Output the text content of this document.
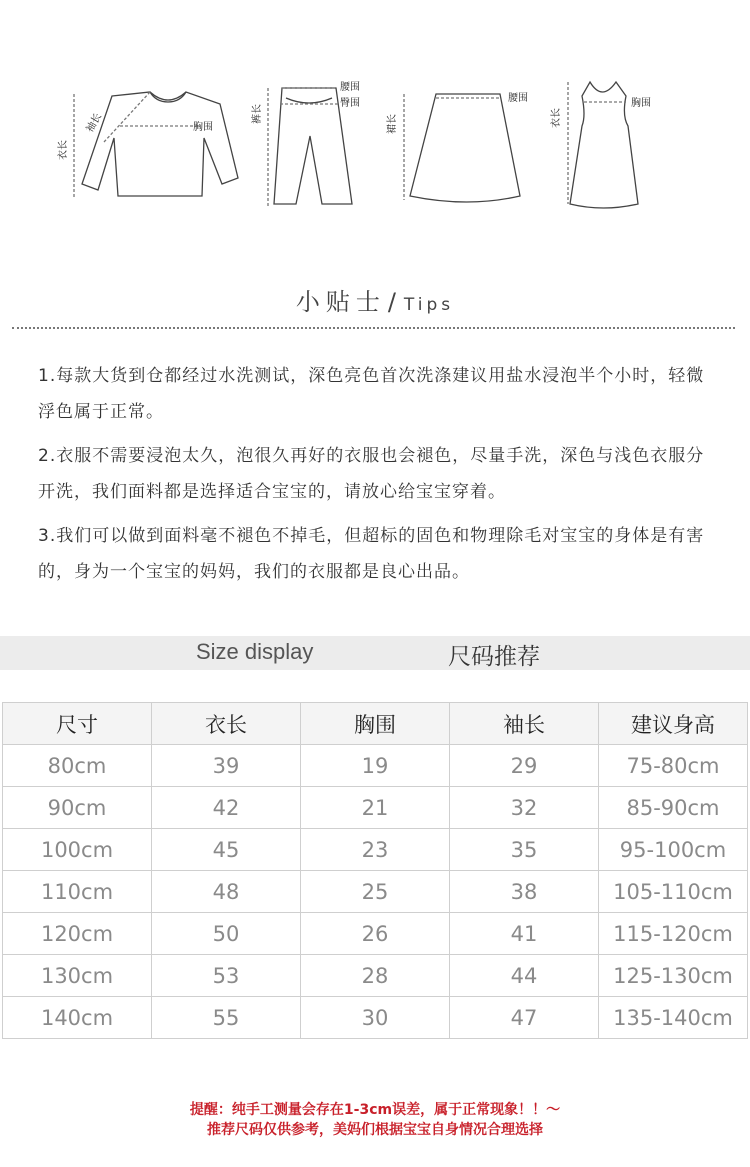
衣长
袖长	胸围
裤长
腰围
臀围
裙长
腰围
衣长
胸围
小贴士/ Tips

1.每款大货到仓都经过水洗测试，深色亮色首次洗涤建议用盐水浸泡半个小时，轻微浮色属于正常。

2.衣服不需要浸泡太久，泡很久再好的衣服也会褪色，尽量手洗，深色与浅色衣服分开洗，我们面料都是选择适合宝宝的，请放心给宝宝穿着。

3.我们可以做到面料毫不褪色不掉毛，但超标的固色和物理除毛对宝宝的身体是有害的，身为一个宝宝的妈妈，我们的衣服都是良心出品。

Size display	尺码推荐
尺寸	衣长	胸围	袖长	建议身高
80cm	39	19	29	75-80cm
90cm	42	21	32	85-90cm
100cm	45	23	35	95-100cm
110cm	48	25	38	105-110cm
120cm	50	26	41	115-120cm
130cm	53	28	44	125-130cm
140cm	55	30	47	135-140cm
提醒：纯手工测量会存在1-3cm误差，属于正常现象！！～
推荐尺码仅供参考，美妈们根据宝宝自身情况合理选择
